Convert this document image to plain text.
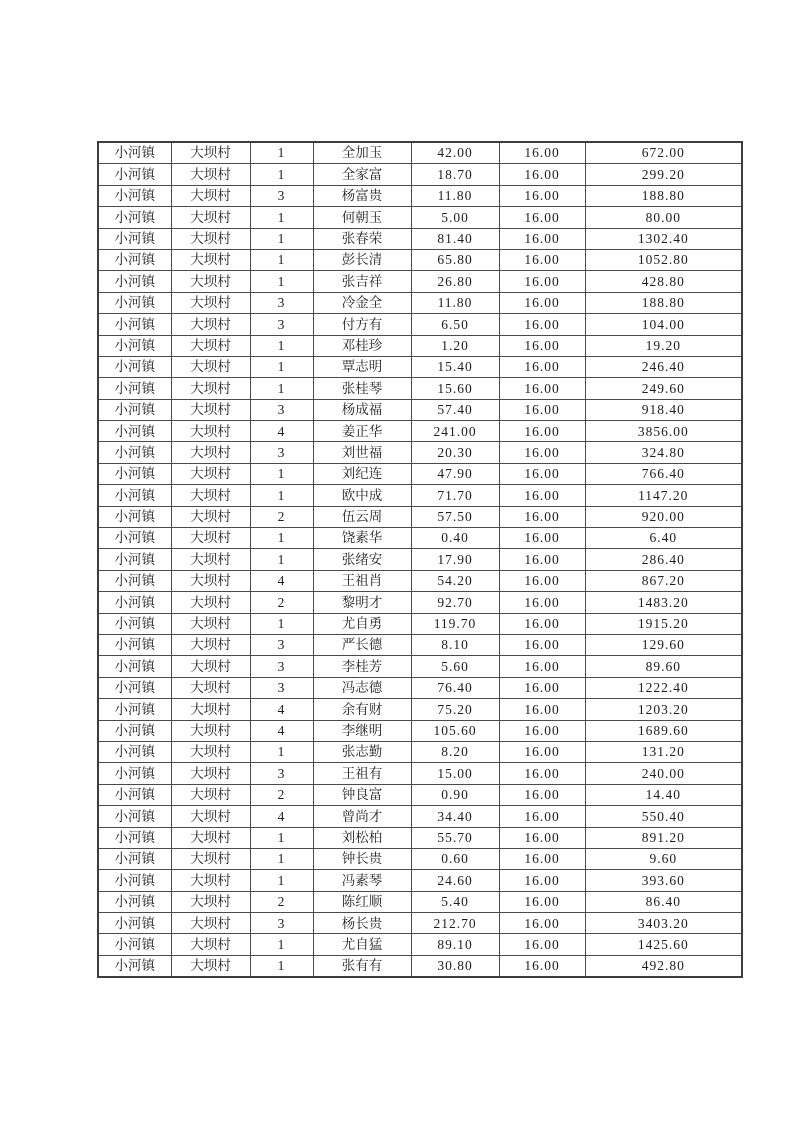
小河镇	大坝村	1	全加玉	42.00	16.00	672.00
小河镇	大坝村	1	全家富	18.70	16.00	299.20
小河镇	大坝村	3	杨富贵	11.80	16.00	188.80
小河镇	大坝村	1	何朝玉	5.00	16.00	80.00
小河镇	大坝村	1	张春荣	81.40	16.00	1302.40
小河镇	大坝村	1	彭长清	65.80	16.00	1052.80
小河镇	大坝村	1	张吉祥	26.80	16.00	428.80
小河镇	大坝村	3	冷金全	11.80	16.00	188.80
小河镇	大坝村	3	付方有	6.50	16.00	104.00
小河镇	大坝村	1	邓桂珍	1.20	16.00	19.20
小河镇	大坝村	1	覃志明	15.40	16.00	246.40
小河镇	大坝村	1	张桂琴	15.60	16.00	249.60
小河镇	大坝村	3	杨成福	57.40	16.00	918.40
小河镇	大坝村	4	姜正华	241.00	16.00	3856.00
小河镇	大坝村	3	刘世福	20.30	16.00	324.80
小河镇	大坝村	1	刘纪连	47.90	16.00	766.40
小河镇	大坝村	1	欧中成	71.70	16.00	1147.20
小河镇	大坝村	2	伍云周	57.50	16.00	920.00
小河镇	大坝村	1	饶素华	0.40	16.00	6.40
小河镇	大坝村	1	张绪安	17.90	16.00	286.40
小河镇	大坝村	4	王祖肖	54.20	16.00	867.20
小河镇	大坝村	2	黎明才	92.70	16.00	1483.20
小河镇	大坝村	1	尤自勇	119.70	16.00	1915.20
小河镇	大坝村	3	严长德	8.10	16.00	129.60
小河镇	大坝村	3	李桂芳	5.60	16.00	89.60
小河镇	大坝村	3	冯志德	76.40	16.00	1222.40
小河镇	大坝村	4	余有财	75.20	16.00	1203.20
小河镇	大坝村	4	李继明	105.60	16.00	1689.60
小河镇	大坝村	1	张志勤	8.20	16.00	131.20
小河镇	大坝村	3	王祖有	15.00	16.00	240.00
小河镇	大坝村	2	钟良富	0.90	16.00	14.40
小河镇	大坝村	4	曾尚才	34.40	16.00	550.40
小河镇	大坝村	1	刘松柏	55.70	16.00	891.20
小河镇	大坝村	1	钟长贵	0.60	16.00	9.60
小河镇	大坝村	1	冯素琴	24.60	16.00	393.60
小河镇	大坝村	2	陈红顺	5.40	16.00	86.40
小河镇	大坝村	3	杨长贵	212.70	16.00	3403.20
小河镇	大坝村	1	尤自猛	89.10	16.00	1425.60
小河镇	大坝村	1	张有有	30.80	16.00	492.80
